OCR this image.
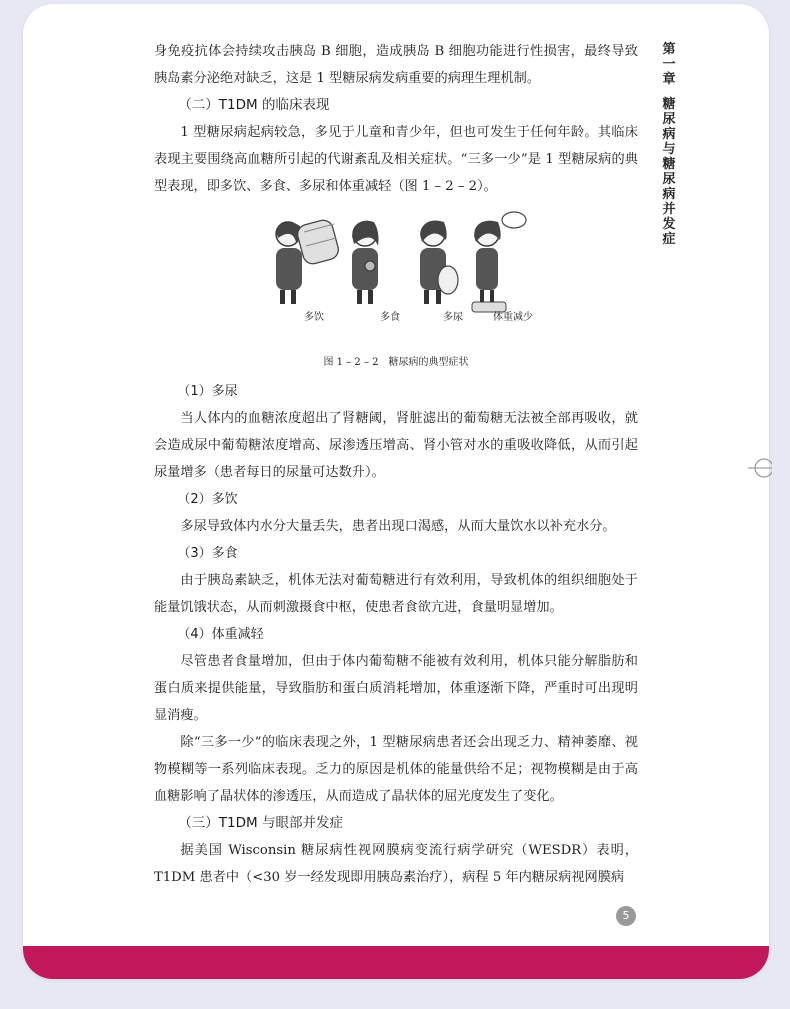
身免疫抗体会持续攻击胰岛 B 细胞，造成胰岛 B 细胞功能进行性损害，最终导致胰岛素分泌绝对缺乏，这是 1 型糖尿病发病重要的病理生理机制。

（二）T1DM 的临床表现

1 型糖尿病起病较急，多见于儿童和青少年，但也可发生于任何年龄。其临床表现主要围绕高血糖所引起的代谢紊乱及相关症状。“三多一少”是 1 型糖尿病的典型表现，即多饮、多食、多尿和体重减轻（图 1 – 2 – 2）。

多饮	多食	多尿	体重减少
图 1 – 2 – 2　糖尿病的典型症状
（1）多尿

当人体内的血糖浓度超出了肾糖阈，肾脏滤出的葡萄糖无法被全部再吸收，就会造成尿中葡萄糖浓度增高、尿渗透压增高、肾小管对水的重吸收降低，从而引起尿量增多（患者每日的尿量可达数升）。

（2）多饮

多尿导致体内水分大量丢失，患者出现口渴感，从而大量饮水以补充水分。

（3）多食

由于胰岛素缺乏，机体无法对葡萄糖进行有效利用，导致机体的组织细胞处于能量饥饿状态，从而刺激摄食中枢，使患者食欲亢进，食量明显增加。

（4）体重减轻

尽管患者食量增加，但由于体内葡萄糖不能被有效利用，机体只能分解脂肪和蛋白质来提供能量，导致脂肪和蛋白质消耗增加，体重逐渐下降，严重时可出现明显消瘦。

除“三多一少”的临床表现之外，1 型糖尿病患者还会出现乏力、精神萎靡、视物模糊等一系列临床表现。乏力的原因是机体的能量供给不足；视物模糊是由于高血糖影响了晶状体的渗透压，从而造成了晶状体的屈光度发生了变化。

（三）T1DM 与眼部并发症

据美国 Wisconsin 糖尿病性视网膜病变流行病学研究（WESDR）表明，T1DM 患者中（<30 岁一经发现即用胰岛素治疗），病程 5 年内糖尿病视网膜病

第
一
章
糖
尿
病
与
糖
尿
病
并
发
症
5
